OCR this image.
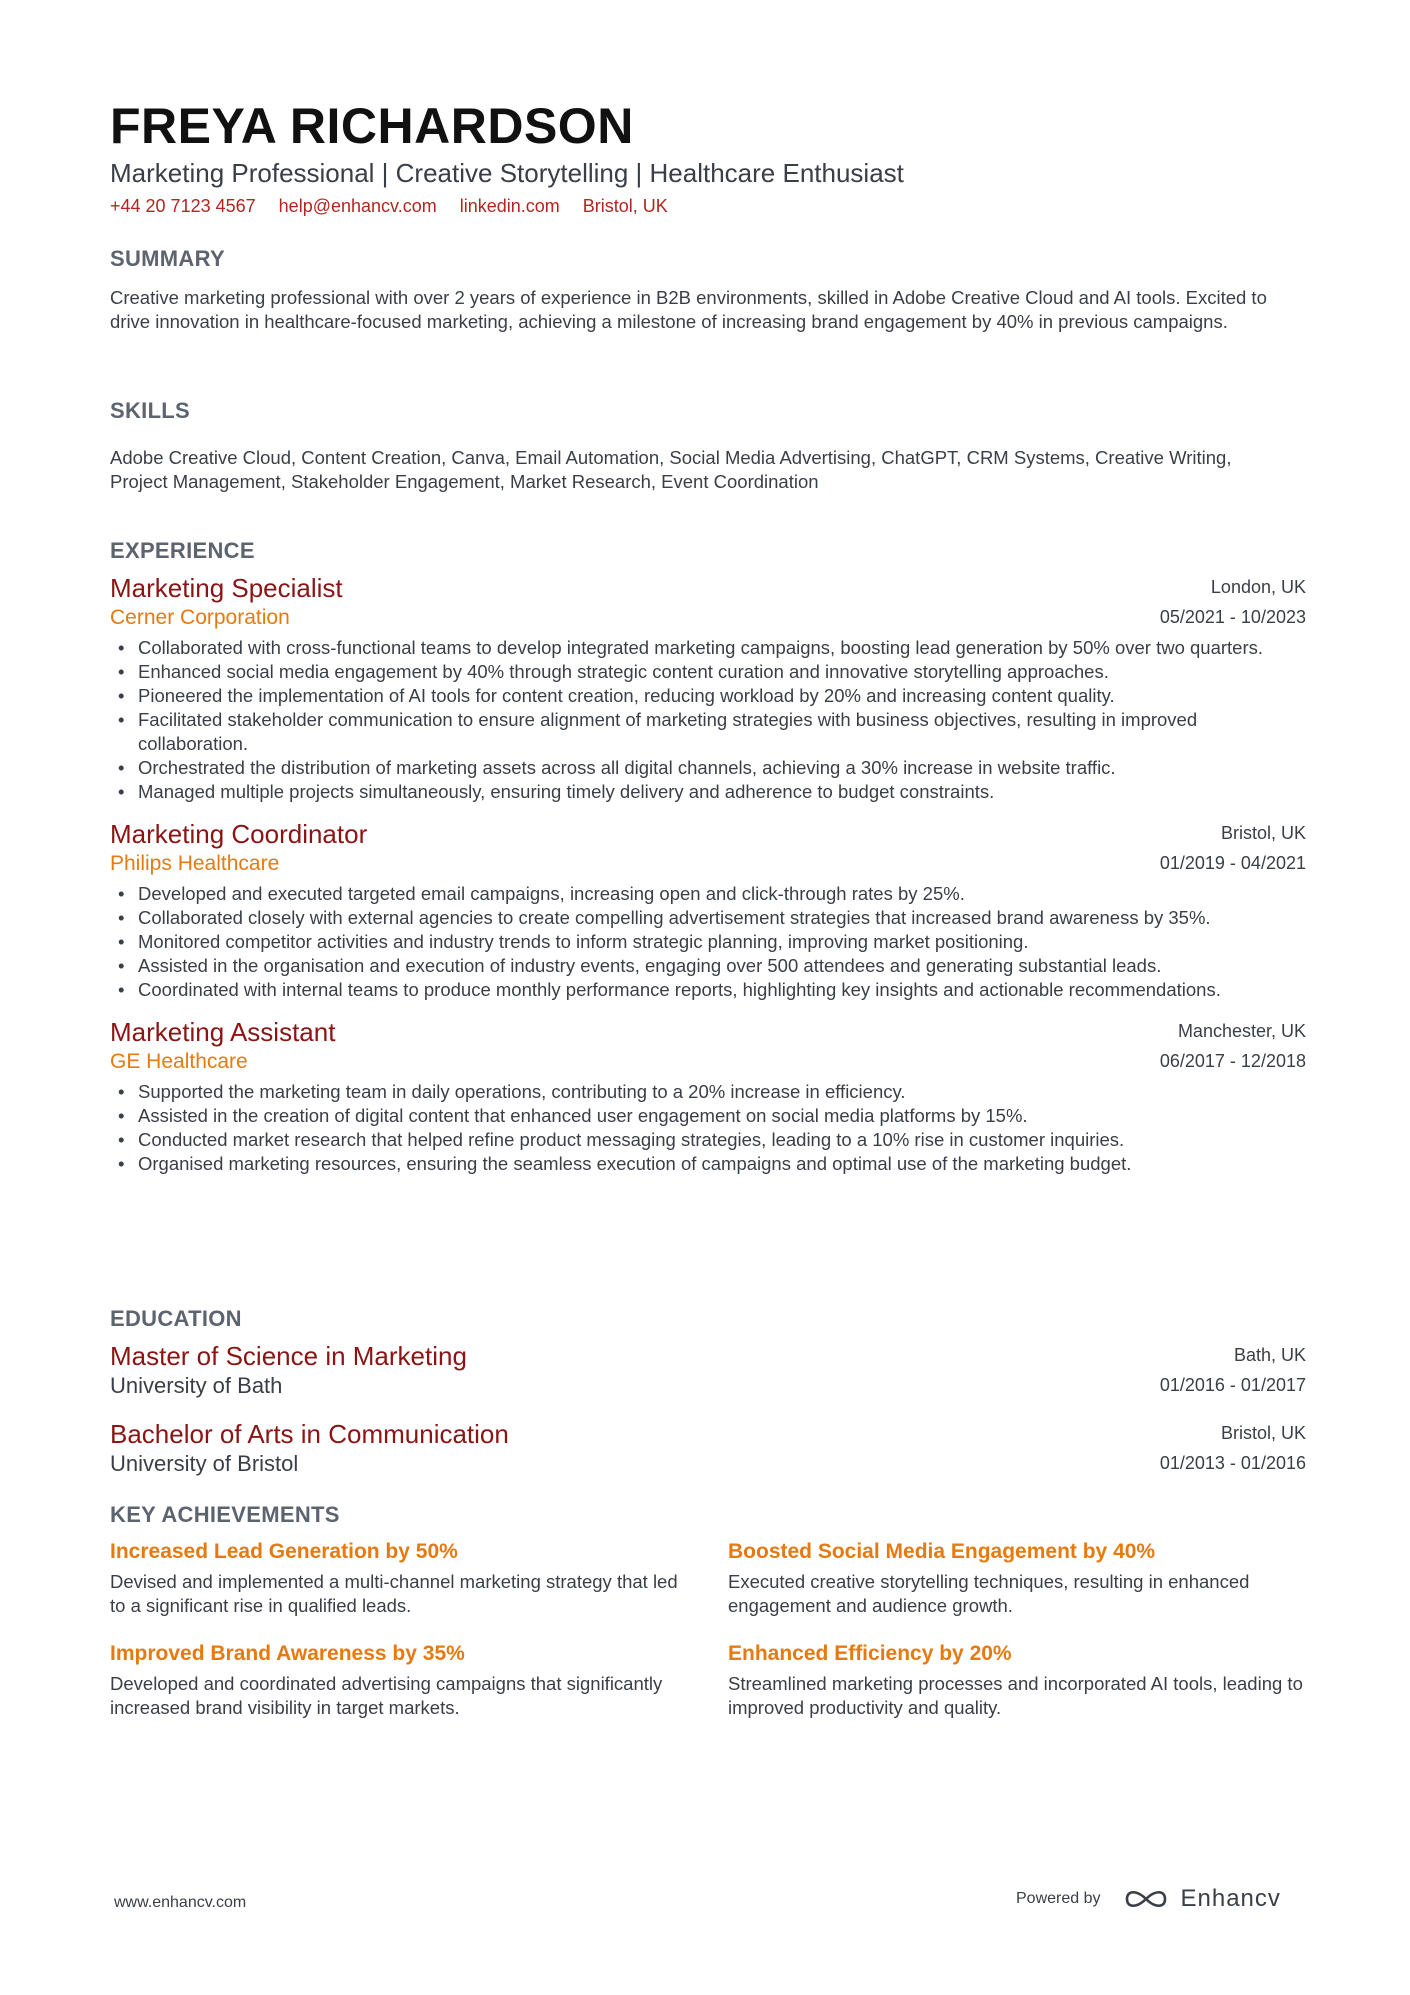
FREYA RICHARDSON
Marketing Professional | Creative Storytelling | Healthcare Enthusiast
+44 20 7123 4567 help@enhancv.com linkedin.com Bristol, UK
SUMMARY
Creative marketing professional with over 2 years of experience in B2B environments, skilled in Adobe Creative Cloud and AI tools. Excited to drive innovation in healthcare-focused marketing, achieving a milestone of increasing brand engagement by 40% in previous campaigns.
SKILLS
Adobe Creative Cloud, Content Creation, Canva, Email Automation, Social Media Advertising, ChatGPT, CRM Systems, Creative Writing, Project Management, Stakeholder Engagement, Market Research, Event Coordination
EXPERIENCE
Marketing Specialist
Cerner Corporation
London, UK
05/2021 - 10/2023
• Collaborated with cross-functional teams to develop integrated marketing campaigns, boosting lead generation by 50% over two quarters.
• Enhanced social media engagement by 40% through strategic content curation and innovative storytelling approaches.
• Pioneered the implementation of AI tools for content creation, reducing workload by 20% and increasing content quality.
• Facilitated stakeholder communication to ensure alignment of marketing strategies with business objectives, resulting in improved collaboration.
• Orchestrated the distribution of marketing assets across all digital channels, achieving a 30% increase in website traffic.
• Managed multiple projects simultaneously, ensuring timely delivery and adherence to budget constraints.
Marketing Coordinator
Philips Healthcare
Bristol, UK
01/2019 - 04/2021
• Developed and executed targeted email campaigns, increasing open and click-through rates by 25%.
• Collaborated closely with external agencies to create compelling advertisement strategies that increased brand awareness by 35%.
• Monitored competitor activities and industry trends to inform strategic planning, improving market positioning.
• Assisted in the organisation and execution of industry events, engaging over 500 attendees and generating substantial leads.
• Coordinated with internal teams to produce monthly performance reports, highlighting key insights and actionable recommendations.
Marketing Assistant
GE Healthcare
Manchester, UK
06/2017 - 12/2018
• Supported the marketing team in daily operations, contributing to a 20% increase in efficiency.
• Assisted in the creation of digital content that enhanced user engagement on social media platforms by 15%.
• Conducted market research that helped refine product messaging strategies, leading to a 10% rise in customer inquiries.
• Organised marketing resources, ensuring the seamless execution of campaigns and optimal use of the marketing budget.
EDUCATION
Master of Science in Marketing
University of Bath
Bath, UK
01/2016 - 01/2017
Bachelor of Arts in Communication
University of Bristol
Bristol, UK
01/2013 - 01/2016
KEY ACHIEVEMENTS
Increased Lead Generation by 50%
Devised and implemented a multi-channel marketing strategy that led to a significant rise in qualified leads.
Boosted Social Media Engagement by 40%
Executed creative storytelling techniques, resulting in enhanced engagement and audience growth.
Improved Brand Awareness by 35%
Developed and coordinated advertising campaigns that significantly increased brand visibility in target markets.
Enhanced Efficiency by 20%
Streamlined marketing processes and incorporated AI tools, leading to improved productivity and quality.
www.enhancv.com	Powered by	Enhancv
